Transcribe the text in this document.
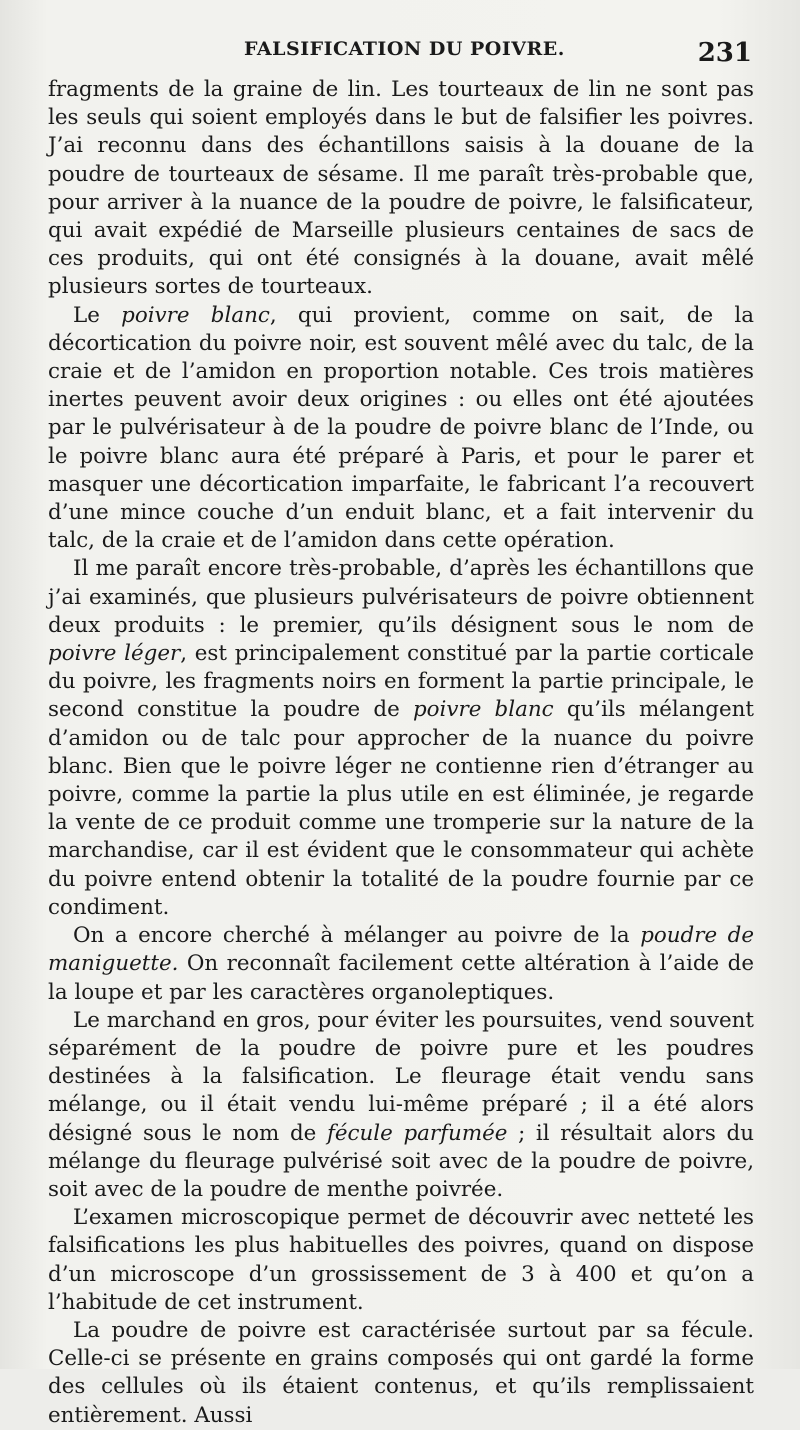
FALSIFICATION DU POIVRE.	231

fragments de la graine de lin. Les tourteaux de lin ne sont pas les seuls qui soient employés dans le but de falsifier les poivres. J’ai reconnu dans des échantillons saisis à la douane de la poudre de tourteaux de sésame. Il me paraît très-probable que, pour arriver à la nuance de la poudre de poivre, le falsificateur, qui avait expédié de Marseille plusieurs centaines de sacs de ces produits, qui ont été consignés à la douane, avait mêlé plusieurs sortes de tourteaux.

Le poivre blanc, qui provient, comme on sait, de la décortication du poivre noir, est souvent mêlé avec du talc, de la craie et de l’amidon en proportion notable. Ces trois matières inertes peuvent avoir deux origines : ou elles ont été ajoutées par le pulvérisateur à de la poudre de poivre blanc de l’Inde, ou le poivre blanc aura été préparé à Paris, et pour le parer et masquer une décortication imparfaite, le fabricant l’a recouvert d’une mince couche d’un enduit blanc, et a fait intervenir du talc, de la craie et de l’amidon dans cette opération.

Il me paraît encore très-probable, d’après les échantillons que j’ai examinés, que plusieurs pulvérisateurs de poivre obtiennent deux produits : le premier, qu’ils désignent sous le nom de poivre léger, est principalement constitué par la partie corticale du poivre, les fragments noirs en forment la partie principale, le second constitue la poudre de poivre blanc qu’ils mélangent d’amidon ou de talc pour approcher de la nuance du poivre blanc. Bien que le poivre léger ne contienne rien d’étranger au poivre, comme la partie la plus utile en est éliminée, je regarde la vente de ce produit comme une tromperie sur la nature de la marchandise, car il est évident que le consommateur qui achète du poivre entend obtenir la totalité de la poudre fournie par ce condiment.

On a encore cherché à mélanger au poivre de la poudre de maniguette. On reconnaît facilement cette altération à l’aide de la loupe et par les caractères organoleptiques.

Le marchand en gros, pour éviter les poursuites, vend souvent séparément de la poudre de poivre pure et les poudres destinées à la falsification. Le fleurage était vendu sans mélange, ou il était vendu lui-même préparé ; il a été alors désigné sous le nom de fécule parfumée ; il résultait alors du mélange du fleurage pulvérisé soit avec de la poudre de poivre, soit avec de la poudre de menthe poivrée.

L’examen microscopique permet de découvrir avec netteté les falsifications les plus habituelles des poivres, quand on dispose d’un microscope d’un grossissement de 3 à 400 et qu’on a l’habitude de cet instrument.

La poudre de poivre est caractérisée surtout par sa fécule. Celle-ci se présente en grains composés qui ont gardé la forme des cellules où ils étaient contenus, et qu’ils remplissaient entièrement. Aussi
